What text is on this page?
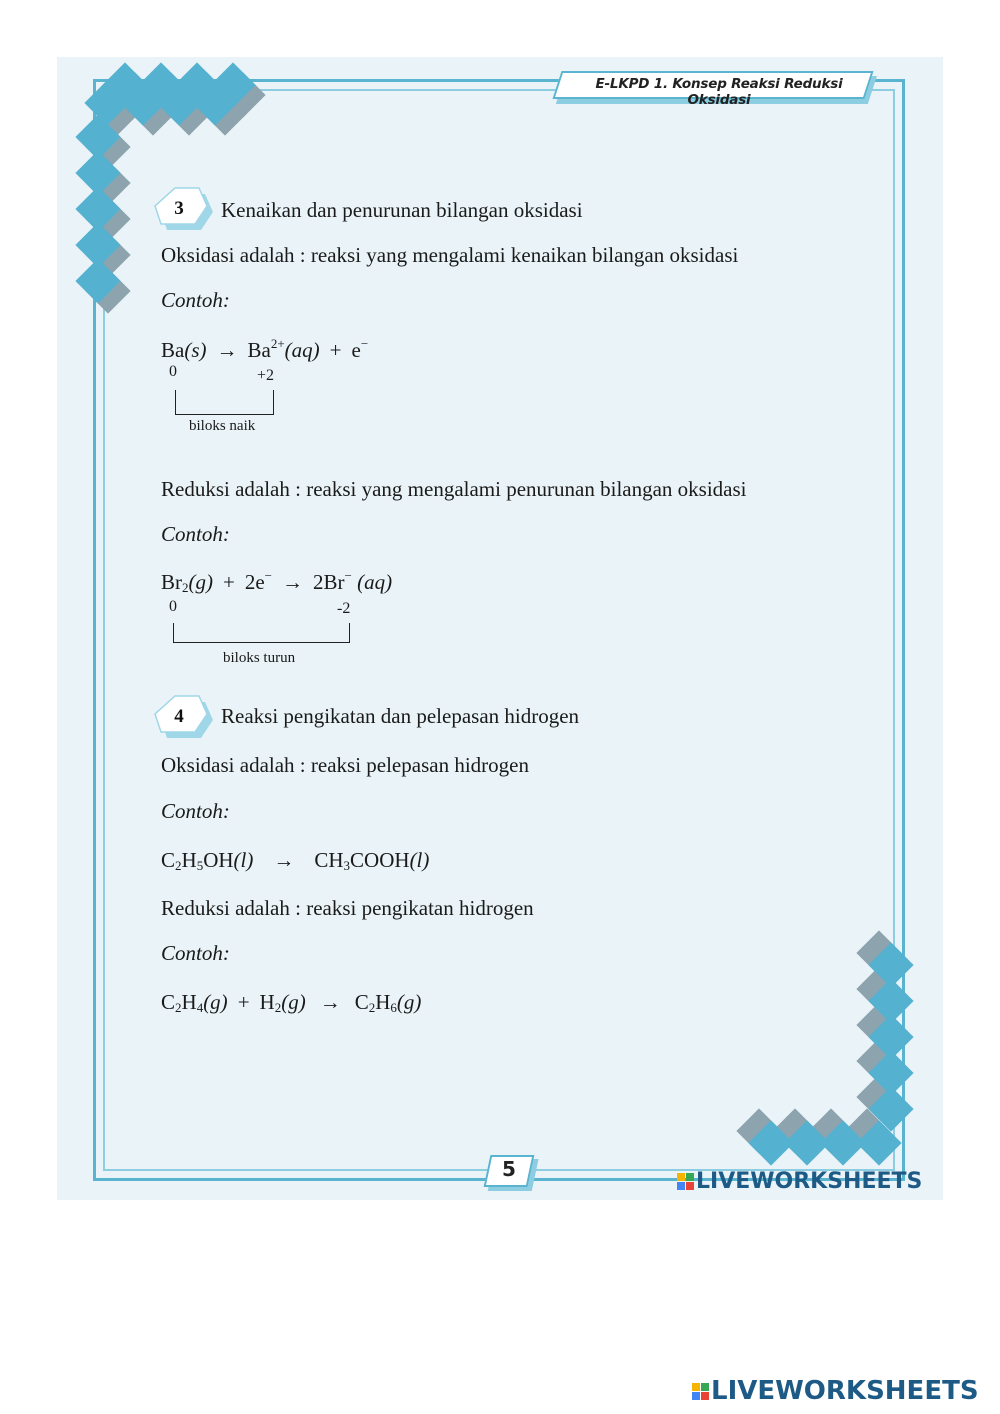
E-LKPD 1. Konsep Reaksi Reduksi Oksidasi
3	Kenaikan dan penurunan bilangan oksidasi
Oksidasi adalah : reaksi yang mengalami kenaikan bilangan oksidasi
Contoh:
$Ba(s) \to Ba^{2+}(aq) + e^-$
0	+2
biloks naik
Reduksi adalah : reaksi yang mengalami penurunan bilangan oksidasi
Contoh:
$Br_2(g) + 2e^- \to 2Br^-$ (aq)
0	-2
biloks turun
4	Reaksi pengikatan dan pelepasan hidrogen
Oksidasi adalah : reaksi pelepasan hidrogen
Contoh:
$C_2H_5OH(l)$ → $CH_3COOH(l)$
Reduksi adalah : reaksi pengikatan hidrogen
Contoh:
$C_2H_4(g) + H_2(g) \to C_2H_6(g)$
5	LIVEWORKSHEETS
LIVEWORKSHEETS
